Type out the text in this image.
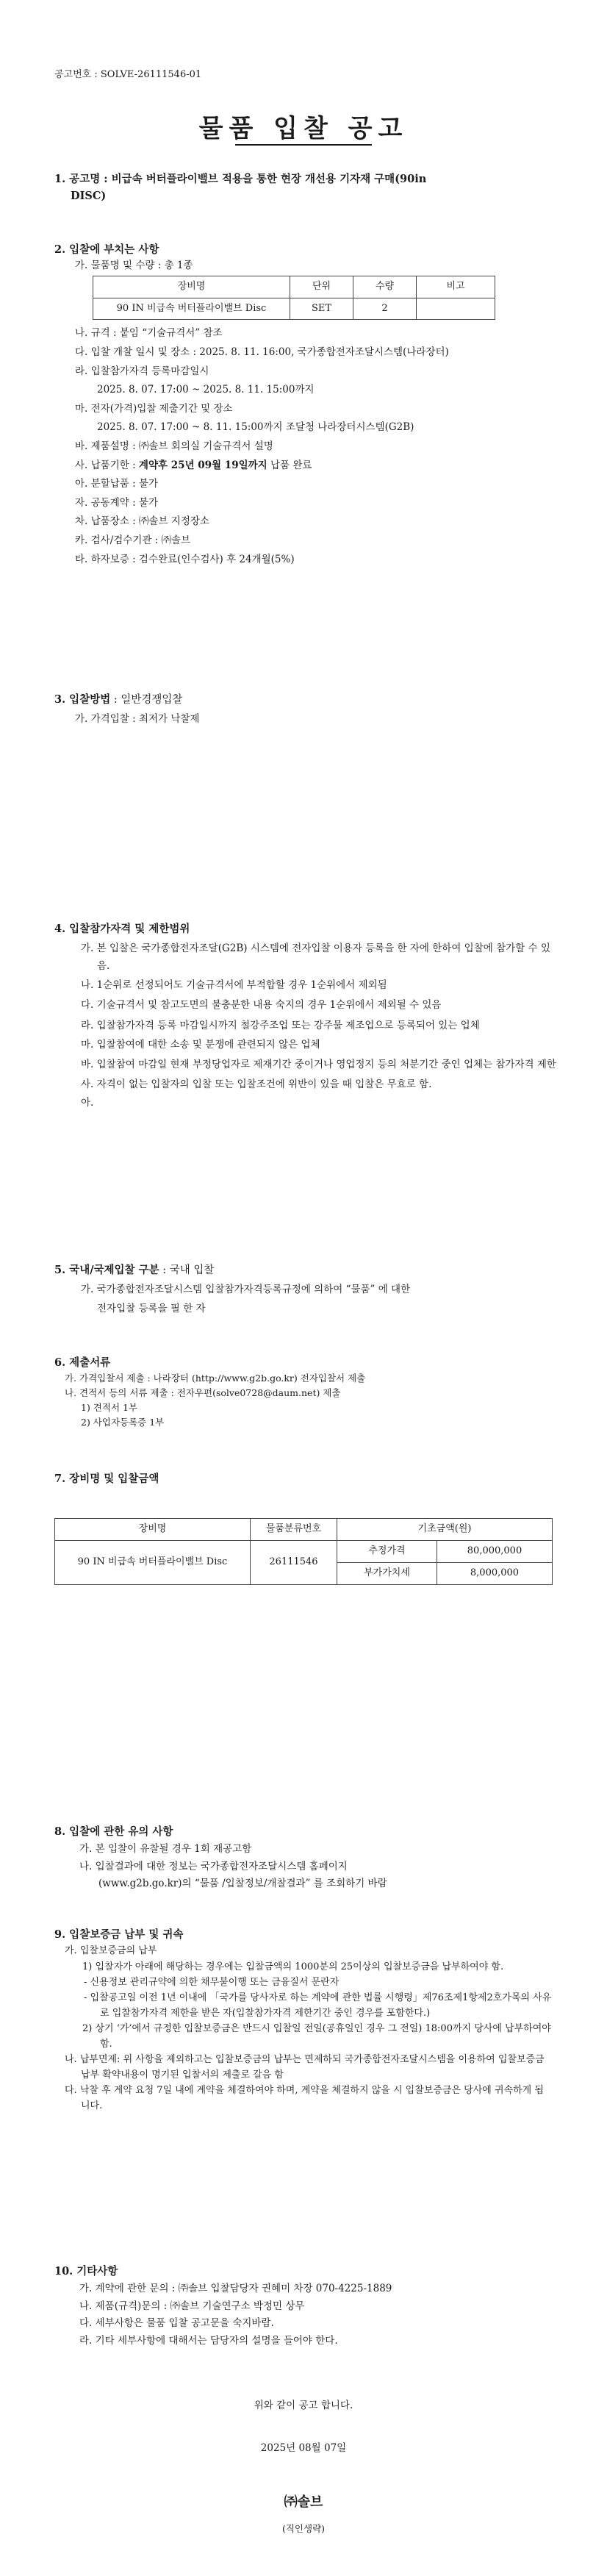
공고번호 : SOLVE-26111546-01
물품 입찰 공고
1. 공고명 : 비급속 버터플라이밸브 적용을 통한 현장 개선용 기자재 구매(90in
DISC)
2. 입찰에 부치는 사항
가. 물품명 및 수량 : 총 1종
장비명	단위	수량	비고
90 IN 비급속 버터플라이밸브 Disc	SET	2	
나. 규격 : 붙임 “기술규격서” 참조
다. 입찰 개찰 일시 및 장소 : 2025. 8. 11. 16:00, 국가종합전자조달시스템(나라장터)
라. 입찰참가자격 등록마감일시
2025. 8. 07. 17:00 ~ 2025. 8. 11. 15:00까지
마. 전자(가격)입찰 제출기간 및 장소
2025. 8. 07. 17:00 ~ 8. 11. 15:00까지 조달청 나라장터시스템(G2B)
바. 제품설명 : ㈜솔브 회의실 기술규격서 설명
사. 납품기한 : 계약후 25년 09월 19일까지 납품 완료
아. 분할납품 : 불가
자. 공동계약 : 불가
차. 납품장소 : ㈜솔브 지정장소
카. 검사/검수기관 : ㈜솔브
타. 하자보증 : 검수완료(인수검사) 후 24개월(5%)
3. 입찰방법 : 일반경쟁입찰
가. 가격입찰 : 최저가 낙찰제
4. 입찰참가자격 및 제한범위
가. 본 입찰은 국가종합전자조달(G2B) 시스템에 전자입찰 이용자 등록을 한 자에 한하여 입찰에 참가할 수 있음.
나. 1순위로 선정되어도 기술규격서에 부적합할 경우 1순위에서 제외됨
다. 기술규격서 및 참고도면의 불충분한 내용 숙지의 경우 1순위에서 제외될 수 있음
라. 입찰참가자격 등록 마감일시까지 철강주조업 또는 강주물 제조업으로 등록되어 있는 업체
마. 입찰참여에 대한 소송 및 분쟁에 관련되지 않은 업체
바. 입찰참여 마감일 현재 부정당업자로 제재기간 중이거나 영업정지 등의 처분기간 중인 업체는 참가자격 제한
사. 자격이 없는 입찰자의 입찰 또는 입찰조건에 위반이 있을 때 입찰은 무효로 함.
아.
5. 국내/국제입찰 구분 : 국내 입찰
가. 국가종합전자조달시스템 입찰참가자격등록규정에 의하여 “물품” 에 대한
전자입찰 등록을 필 한 자
6. 제출서류
가. 가격입찰서 제출 : 나라장터 (http://www.g2b.go.kr) 전자입찰서 제출
나. 견적서 등의 서류 제출 : 전자우편(solve0728@daum.net) 제출
1) 견적서 1부
2) 사업자등록증 1부
7. 장비명 및 입찰금액
장비명	물품분류번호	기초금액(원)	
90 IN 비급속 버터플라이밸브 Disc	26111546	추정가격	80,000,000
		부가가치세	8,000,000
8. 입찰에 관한 유의 사항
가. 본 입찰이 유찰될 경우 1회 재공고함
나. 입찰결과에 대한 정보는 국가종합전자조달시스템 홈페이지
(www.g2b.go.kr)의 “물품 /입찰정보/개찰결과” 를 조회하기 바람
9. 입찰보증금 납부 및 귀속
가. 입찰보증금의 납부
1) 입찰자가 아래에 해당하는 경우에는 입찰금액의 1000분의 25이상의 입찰보증금을 납부하여야 함.
- 신용정보 관리규약에 의한 채무불이행 또는 금융질서 문란자
- 입찰공고일 이전 1년 이내에 「국가를 당사자로 하는 계약에 관한 법률 시행령」제76조제1항제2호가목의 사유로 입찰참가자격 제한을 받은 자(입찰참가자격 제한기간 중인 경우를 포함한다.)
2) 상기 ‘가’에서 규정한 입찰보증금은 반드시 입찰일 전일(공휴일인 경우 그 전일) 18:00까지 당사에 납부하여야 함.
나. 납부면제: 위 사항을 제외하고는 입찰보증금의 납부는 면제하되 국가종합전자조달시스템을 이용하여 입찰보증금 납부 확약내용이 명기된 입찰서의 제출로 갈음 함
다. 낙찰 후 계약 요청 7일 내에 계약을 체결하여야 하며, 계약을 체결하지 않을 시 입찰보증금은 당사에 귀속하게 됩니다.
10. 기타사항
가. 계약에 관한 문의 : ㈜솔브 입찰담당자 권혜미 차장 070-4225-1889
나. 제품(규격)문의 : ㈜솔브 기술연구소 박정민 상무
다. 세부사항은 물품 입찰 공고문을 숙지바람.
라. 기타 세부사항에 대해서는 담당자의 설명을 들어야 한다.
위와 같이 공고 합니다.
2025년 08월 07일
㈜솔브
(직인생략)
